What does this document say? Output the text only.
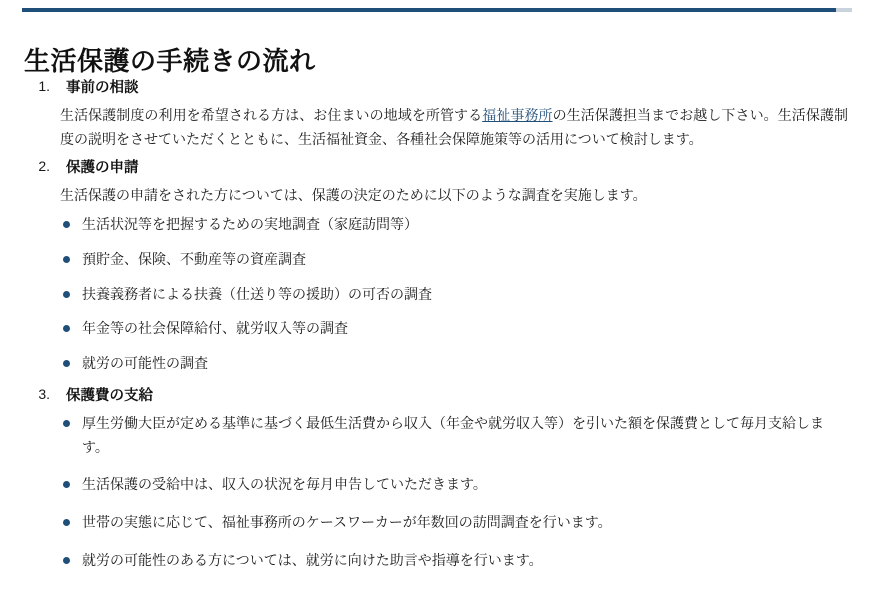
生活保護の手続きの流れ
1.	事前の相談

生活保護制度の利用を希望される方は、お住まいの地域を所管する福祉事務所の生活保護担当までお越し下さい。生活保護制度の説明をさせていただくとともに、生活福祉資金、各種社会保障施策等の活用について検討します。

2.	保護の申請

生活保護の申請をされた方については、保護の決定のために以下のような調査を実施します。

生活状況等を把握するための実地調査（家庭訪問等）
預貯金、保険、不動産等の資産調査
扶養義務者による扶養（仕送り等の援助）の可否の調査
年金等の社会保障給付、就労収入等の調査
就労の可能性の調査
3.	保護費の支給
厚生労働大臣が定める基準に基づく最低生活費から収入（年金や就労収入等）を引いた額を保護費として毎月支給します。
生活保護の受給中は、収入の状況を毎月申告していただきます。
世帯の実態に応じて、福祉事務所のケースワーカーが年数回の訪問調査を行います。
就労の可能性のある方については、就労に向けた助言や指導を行います。
